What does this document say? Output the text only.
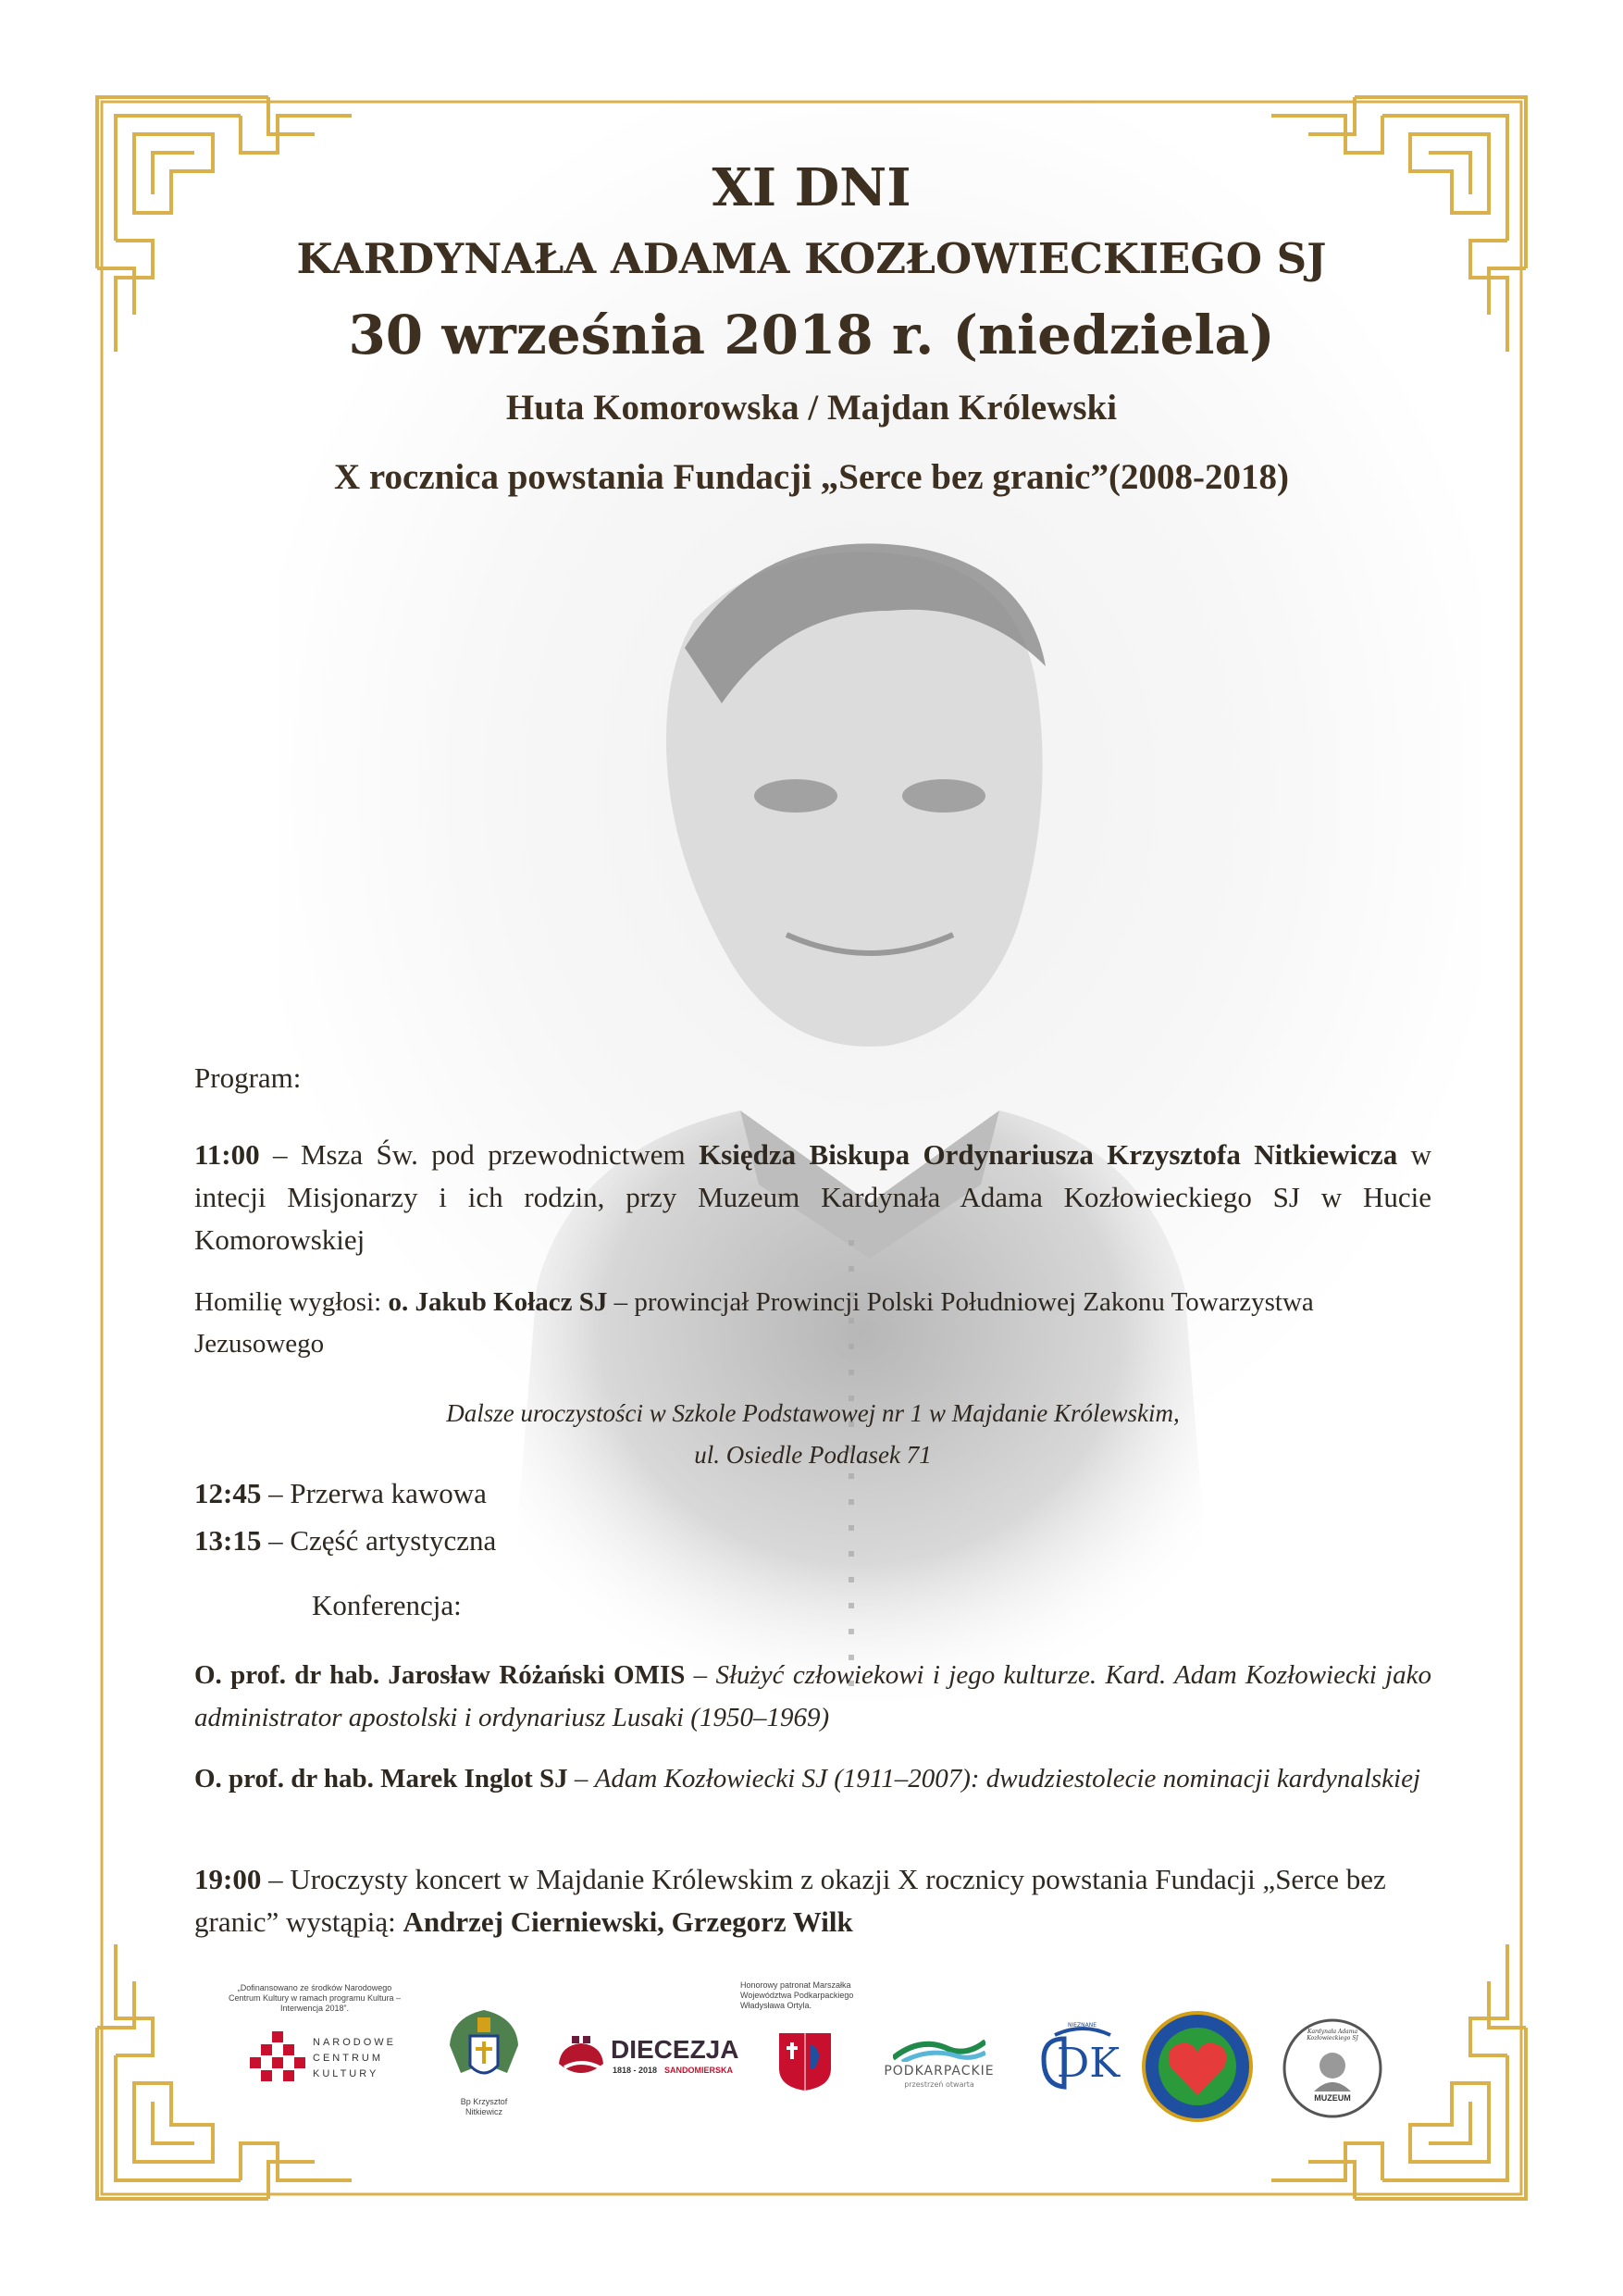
XI DNI
KARDYNAŁA ADAMA KOZŁOWIECKIEGO SJ
30 września 2018 r. (niedziela)
Huta Komorowska / Majdan Królewski
X rocznica powstania Fundacji „Serce bez granic”(2008-2018)
Program:
11:00 – Msza Św. pod przewodnictwem Księdza Biskupa Ordynariusza Krzysztofa Nitkiewicza w intecji Misjonarzy i ich rodzin, przy Muzeum Kardynała Adama Kozłowieckiego SJ w Hucie Komorowskiej
Homilię wygłosi: o. Jakub Kołacz SJ – prowincjał Prowincji Polski Południowej Zakonu Towarzystwa Jezusowego
Dalsze uroczystości w Szkole Podstawowej nr 1 w Majdanie Królewskim,
ul. Osiedle Podlasek 71
12:45 – Przerwa kawowa
13:15 – Część artystyczna
Konferencja:
O. prof. dr hab. Jarosław Różański OMIS – Służyć człowiekowi i jego kulturze. Kard. Adam Kozłowiecki jako administrator apostolski i ordynariusz Lusaki (1950–1969)
O. prof. dr hab. Marek Inglot SJ – Adam Kozłowiecki SJ (1911–2007): dwudziestolecie nominacji kardynalskiej
19:00 – Uroczysty koncert w Majdanie Królewskim z okazji X rocznicy powstania Fundacji „Serce bez granic” wystąpią: Andrzej Cierniewski, Grzegorz Wilk
„Dofinansowano ze środków Narodowego Centrum Kultury w ramach programu Kultura – Interwencja 2018”.
NARODOWE
CENTRUM
KULTURY
Bp Krzysztof Nitkiewicz
DIECEZJA
1818 - 2018 SANDOMIERSKA
Honorowy patronat Marszałka Województwa Podkarpackiego Władysława Ortyla.
PODKARPACKIE
przestrzeń otwarta
NIEZNANE
DK
Kardynała Adama Kozłowieckiego SJ
MUZEUM
